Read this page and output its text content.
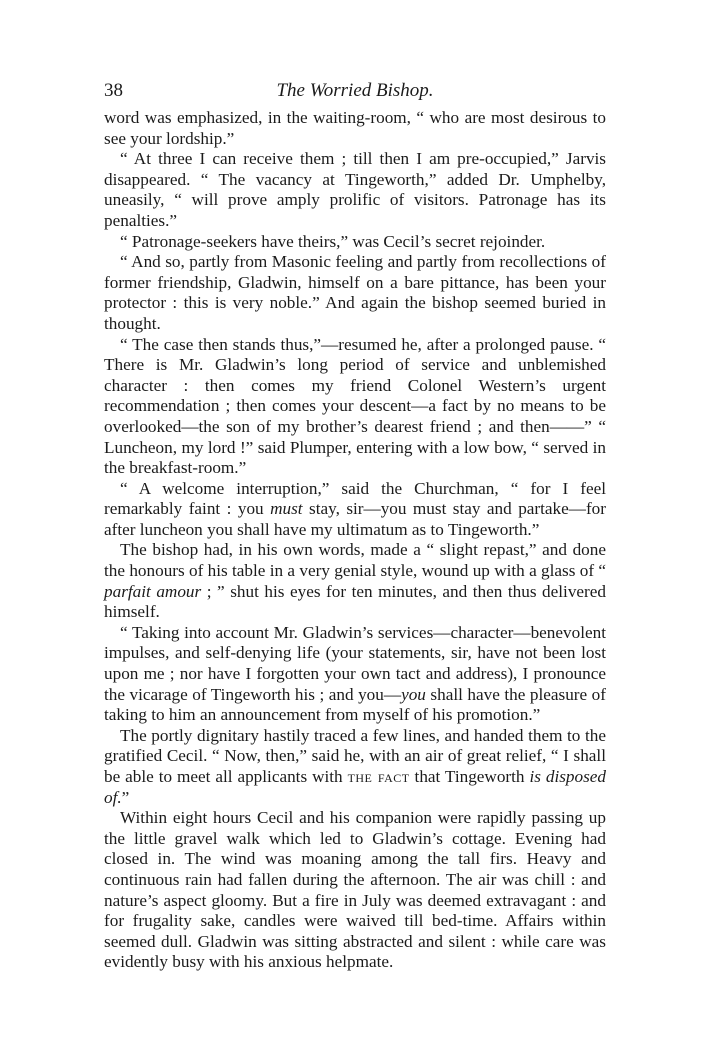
38	The Worried Bishop.

word was emphasized, in the waiting-room, “ who are most desirous to see your lordship.”

“ At three I can receive them ; till then I am pre-occupied,” Jarvis disappeared. “ The vacancy at Tingeworth,” added Dr. Umphelby, uneasily, “ will prove amply prolific of visitors. Patronage has its penalties.”

“ Patronage-seekers have theirs,” was Cecil’s secret rejoinder.

“ And so, partly from Masonic feeling and partly from recollections of former friendship, Gladwin, himself on a bare pittance, has been your protector : this is very noble.” And again the bishop seemed buried in thought.

“ The case then stands thus,”—resumed he, after a prolonged pause. “ There is Mr. Gladwin’s long period of service and unblemished character : then comes my friend Colonel Western’s urgent recommendation ; then comes your descent—a fact by no means to be overlooked—the son of my brother’s dearest friend ; and then——” “ Luncheon, my lord !” said Plumper, entering with a low bow, “ served in the breakfast-room.”

“ A welcome interruption,” said the Churchman, “ for I feel remarkably faint : you must stay, sir—you must stay and partake—for after luncheon you shall have my ultimatum as to Tingeworth.”

The bishop had, in his own words, made a “ slight repast,” and done the honours of his table in a very genial style, wound up with a glass of “ parfait amour ; ” shut his eyes for ten minutes, and then thus delivered himself.

“ Taking into account Mr. Gladwin’s services—character—benevolent impulses, and self-denying life (your statements, sir, have not been lost upon me ; nor have I forgotten your own tact and address), I pronounce the vicarage of Tingeworth his ; and you—you shall have the pleasure of taking to him an announcement from myself of his promotion.”

The portly dignitary hastily traced a few lines, and handed them to the gratified Cecil. “ Now, then,” said he, with an air of great relief, “ I shall be able to meet all applicants with the fact that Tingeworth is disposed of.”

Within eight hours Cecil and his companion were rapidly passing up the little gravel walk which led to Gladwin’s cottage. Evening had closed in. The wind was moaning among the tall firs. Heavy and continuous rain had fallen during the afternoon. The air was chill : and nature’s aspect gloomy. But a fire in July was deemed extravagant : and for frugality sake, candles were waived till bed-time. Affairs within seemed dull. Gladwin was sitting abstracted and silent : while care was evidently busy with his anxious helpmate.
